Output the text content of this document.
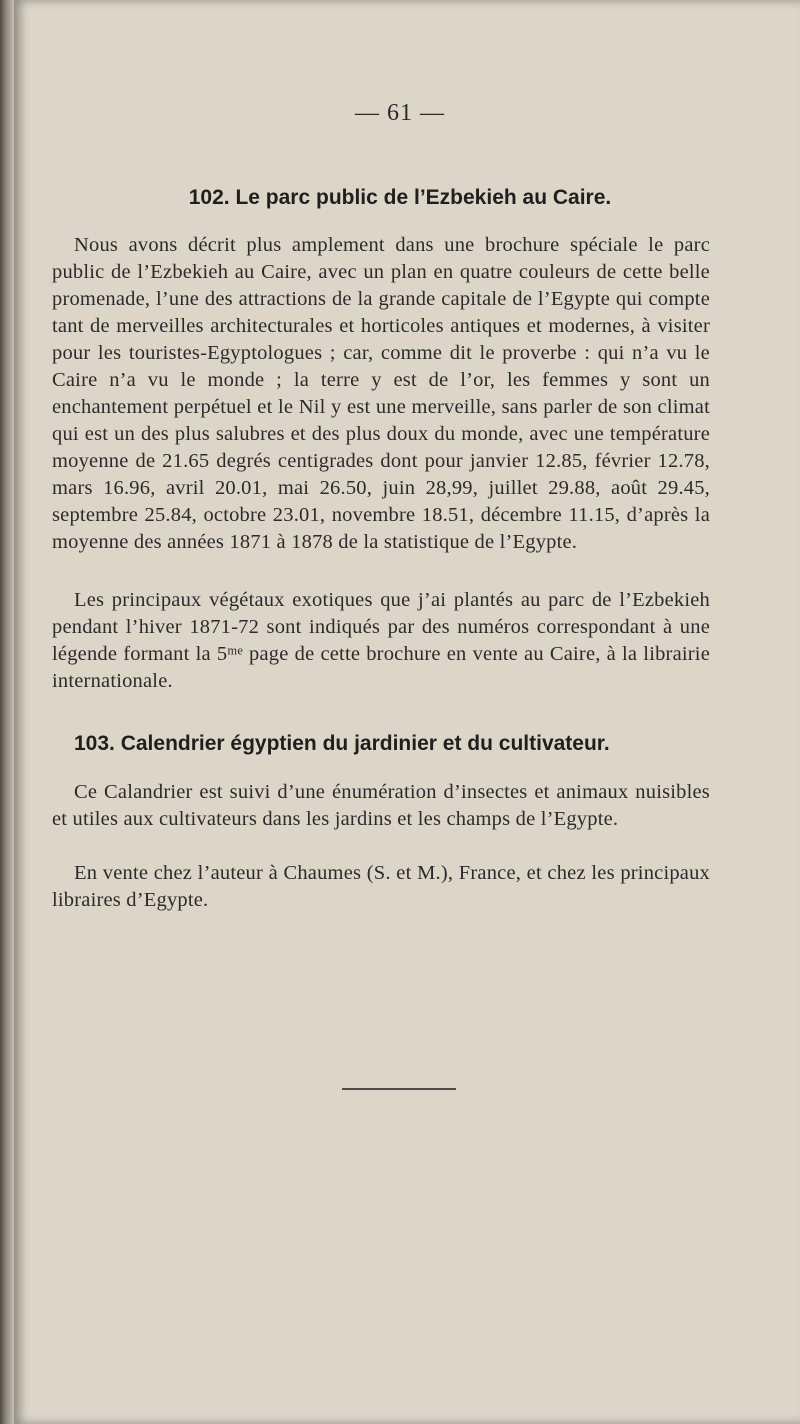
— 61 —
102. Le parc public de l’Ezbekieh au Caire.
Nous avons décrit plus amplement dans une brochure spéciale le parc public de l’Ezbekieh au Caire, avec un plan en quatre couleurs de cette belle promenade, l’une des attractions de la grande capitale de l’Egypte qui compte tant de merveilles architecturales et horticoles antiques et modernes, à visiter pour les touristes-Egyptologues ; car, comme dit le proverbe : qui n’a vu le Caire n’a vu le monde ; la terre y est de l’or, les femmes y sont un enchantement perpétuel et le Nil y est une merveille, sans parler de son climat qui est un des plus salubres et des plus doux du monde, avec une température moyenne de 21.65 degrés centigrades dont pour janvier 12.85, février 12.78, mars 16.96, avril 20.01, mai 26.50, juin 28,99, juillet 29.88, août 29.45, septembre 25.84, octobre 23.01, novembre 18.51, décembre 11.15, d’après la moyenne des années 1871 à 1878 de la statistique de l’Egypte.
Les principaux végétaux exotiques que j’ai plantés au parc de l’Ezbekieh pendant l’hiver 1871-72 sont indiqués par des numéros correspondant à une légende formant la 5ᵐᵉ page de cette brochure en vente au Caire, à la librairie internationale.
103. Calendrier égyptien du jardinier et du cultivateur.
Ce Calandrier est suivi d’une énumération d’insectes et animaux nuisibles et utiles aux cultivateurs dans les jardins et les champs de l’Egypte.
En vente chez l’auteur à Chaumes (S. et M.), France, et chez les principaux libraires d’Egypte.
